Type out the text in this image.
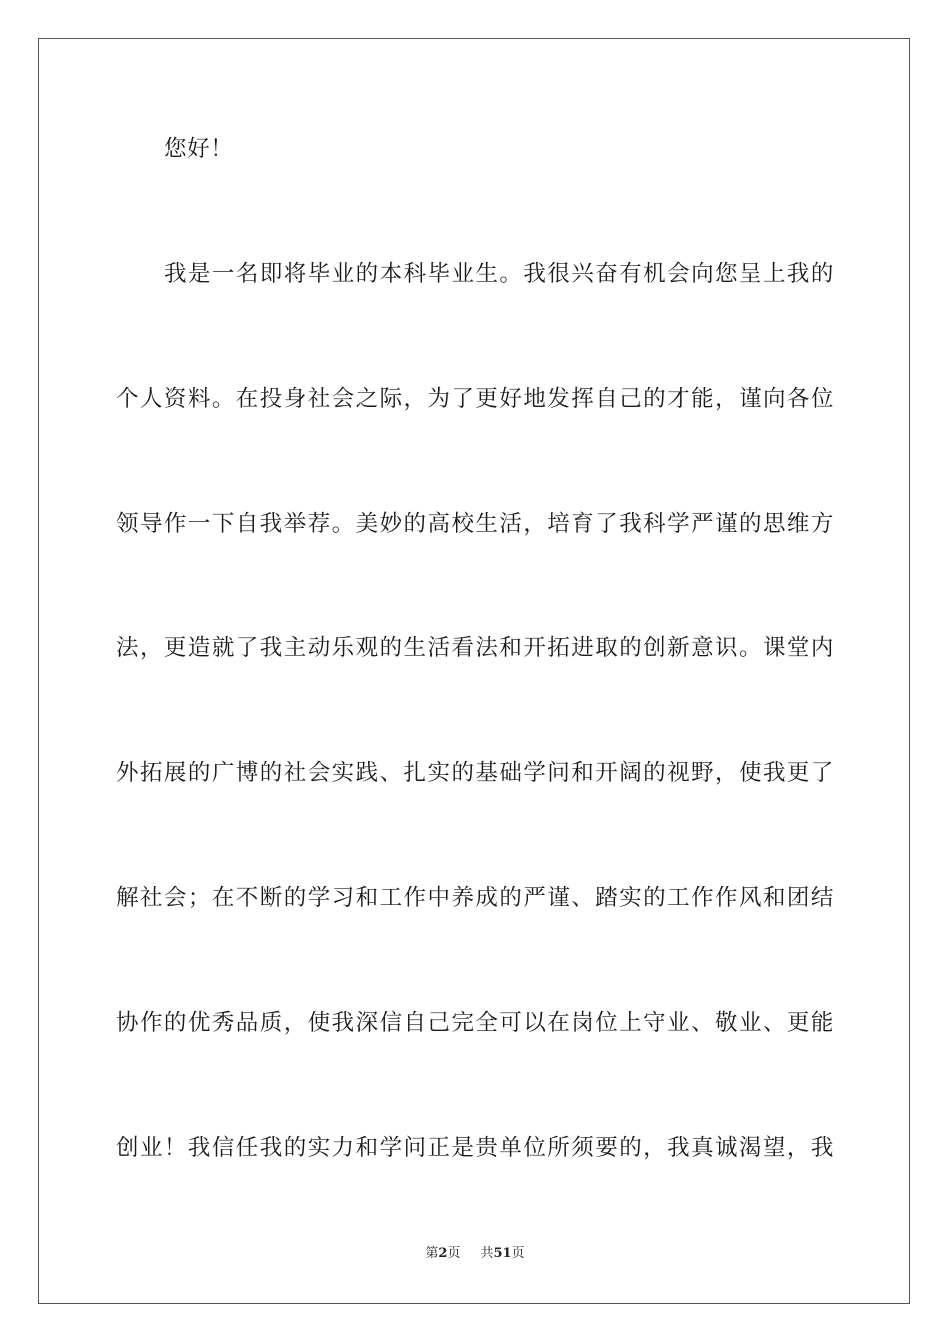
您好！
我是一名即将毕业的本科毕业生。我很兴奋有机会向您呈上我的
个人资料。在投身社会之际，为了更好地发挥自己的才能，谨向各位
领导作一下自我举荐。美妙的高校生活，培育了我科学严谨的思维方
法，更造就了我主动乐观的生活看法和开拓进取的创新意识。课堂内
外拓展的广博的社会实践、扎实的基础学问和开阔的视野，使我更了
解社会；在不断的学习和工作中养成的严谨、踏实的工作作风和团结
协作的优秀品质，使我深信自己完全可以在岗位上守业、敬业、更能
创业！我信任我的实力和学问正是贵单位所须要的，我真诚渴望，我
第2页 共51页
